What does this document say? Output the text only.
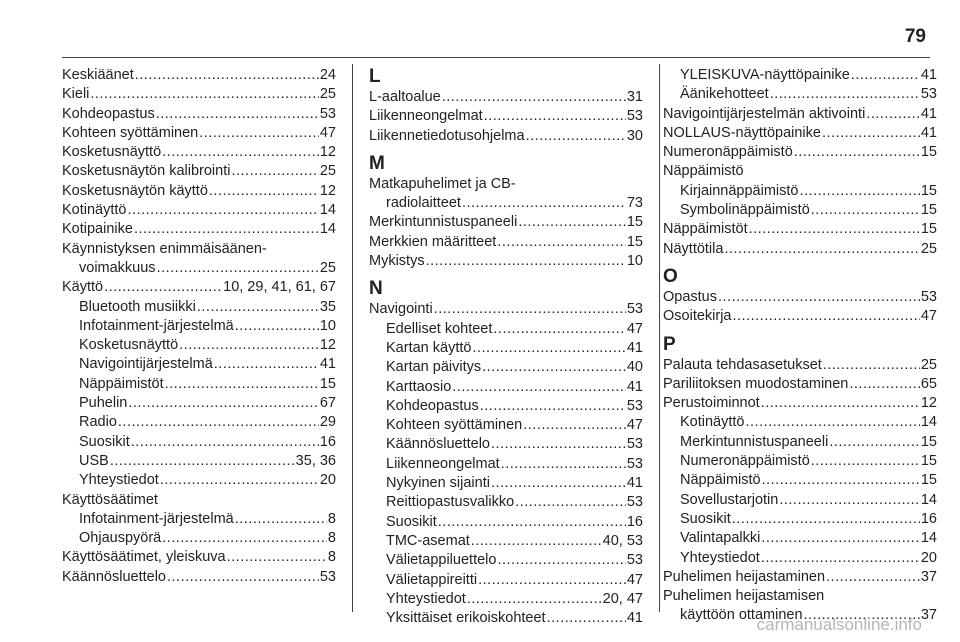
79
Keskiäänet .....	24
Kieli .....	25
Kohdeopastus .....	53
Kohteen syöttäminen .....	47
Kosketusnäyttö .....	12
Kosketusnäytön kalibrointi .....	25
Kosketusnäytön käyttö .....	12
Kotinäyttö .....	14
Kotipainike .....	14
Käynnistyksen enimmäisäänen-
voimakkuus .....	25
Käyttö .....	10, 29, 41, 61, 67
Bluetooth musiikki .....	35
Infotainment-järjestelmä .....	10
Kosketusnäyttö .....	12
Navigointijärjestelmä .....	41
Näppäimistöt .....	15
Puhelin .....	67
Radio .....	29
Suosikit .....	16
USB .....	35, 36
Yhteystiedot .....	20
Käyttösäätimet
Infotainment-järjestelmä .....	8
Ohjauspyörä .....	8
Käyttösäätimet, yleiskuva .....	8
Käännösluettelo .....	53
L
L-aaltoalue .....	31
Liikenneongelmat .....	53
Liikennetiedotusohjelma .....	30
M
Matkapuhelimet ja CB-
radiolaitteet .....	73
Merkintunnistuspaneeli .....	15
Merkkien määritteet .....	15
Mykistys .....	10
N
Navigointi .....	53
Edelliset kohteet .....	47
Kartan käyttö .....	41
Kartan päivitys .....	40
Karttaosio .....	41
Kohdeopastus .....	53
Kohteen syöttäminen .....	47
Käännösluettelo .....	53
Liikenneongelmat .....	53
Nykyinen sijainti .....	41
Reittiopastusvalikko .....	53
Suosikit .....	16
TMC-asemat .....	40, 53
Välietappiluettelo .....	53
Välietappireitti .....	47
Yhteystiedot .....	20, 47
Yksittäiset erikoiskohteet .....	41
YLEISKUVA-näyttöpainike .....	41
Äänikehotteet .....	53
Navigointijärjestelmän aktivointi .....	41
NOLLAUS-näyttöpainike .....	41
Numeronäppäimistö .....	15
Näppäimistö
Kirjainnäppäimistö .....	15
Symbolinäppäimistö .....	15
Näppäimistöt .....	15
Näyttötila .....	25
O
Opastus .....	53
Osoitekirja .....	47
P
Palauta tehdasasetukset .....	25
Pariliitoksen muodostaminen .....	65
Perustoiminnot .....	12
Kotinäyttö .....	14
Merkintunnistuspaneeli .....	15
Numeronäppäimistö .....	15
Näppäimistö .....	15
Sovellustarjotin .....	14
Suosikit .....	16
Valintapalkki .....	14
Yhteystiedot .....	20
Puhelimen heijastaminen .....	37
Puhelimen heijastamisen
käyttöön ottaminen .....	37
carmanualsonline.info
